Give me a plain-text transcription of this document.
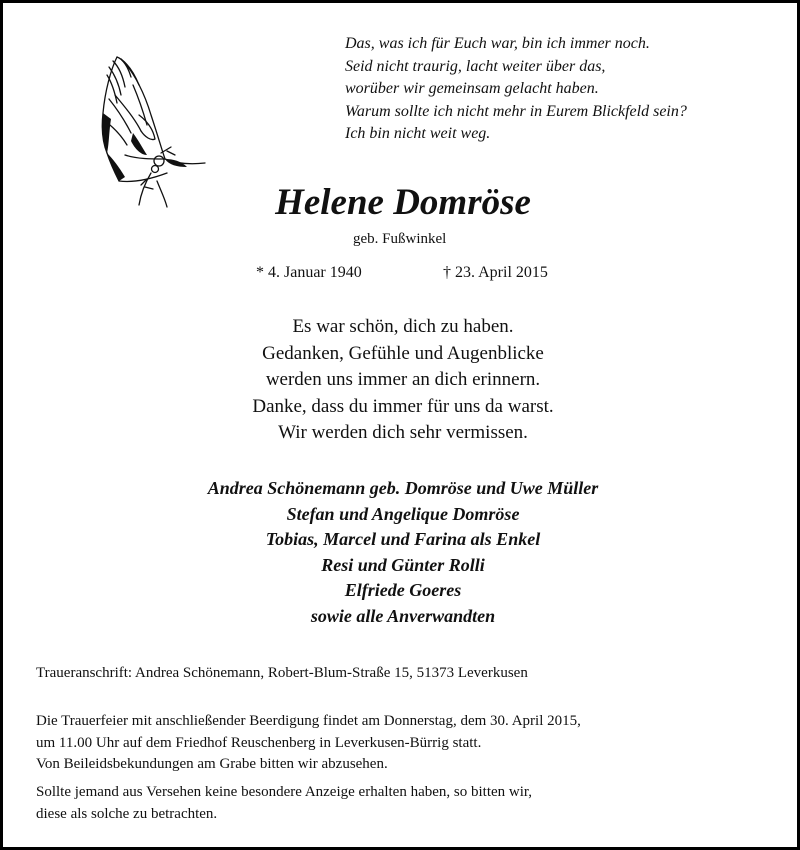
Das, was ich für Euch war, bin ich immer noch.
Seid nicht traurig, lacht weiter über das,
worüber wir gemeinsam gelacht haben.
Warum sollte ich nicht mehr in Eurem Blickfeld sein?
Ich bin nicht weit weg.
Helene Domröse
geb. Fußwinkel
* 4. Januar 1940	† 23. April 2015
Es war schön, dich zu haben.
Gedanken, Gefühle und Augenblicke
werden uns immer an dich erinnern.
Danke, dass du immer für uns da warst.
Wir werden dich sehr vermissen.
Andrea Schönemann geb. Domröse und Uwe Müller
Stefan und Angelique Domröse
Tobias, Marcel und Farina als Enkel
Resi und Günter Rolli
Elfriede Goeres
sowie alle Anverwandten
Traueranschrift: Andrea Schönemann, Robert-Blum-Straße 15, 51373 Leverkusen
Die Trauerfeier mit anschließender Beerdigung findet am Donnerstag, dem 30. April 2015,
um 11.00 Uhr auf dem Friedhof Reuschenberg in Leverkusen-Bürrig statt.
Von Beileidsbekundungen am Grabe bitten wir abzusehen.
Sollte jemand aus Versehen keine besondere Anzeige erhalten haben, so bitten wir,
diese als solche zu betrachten.
